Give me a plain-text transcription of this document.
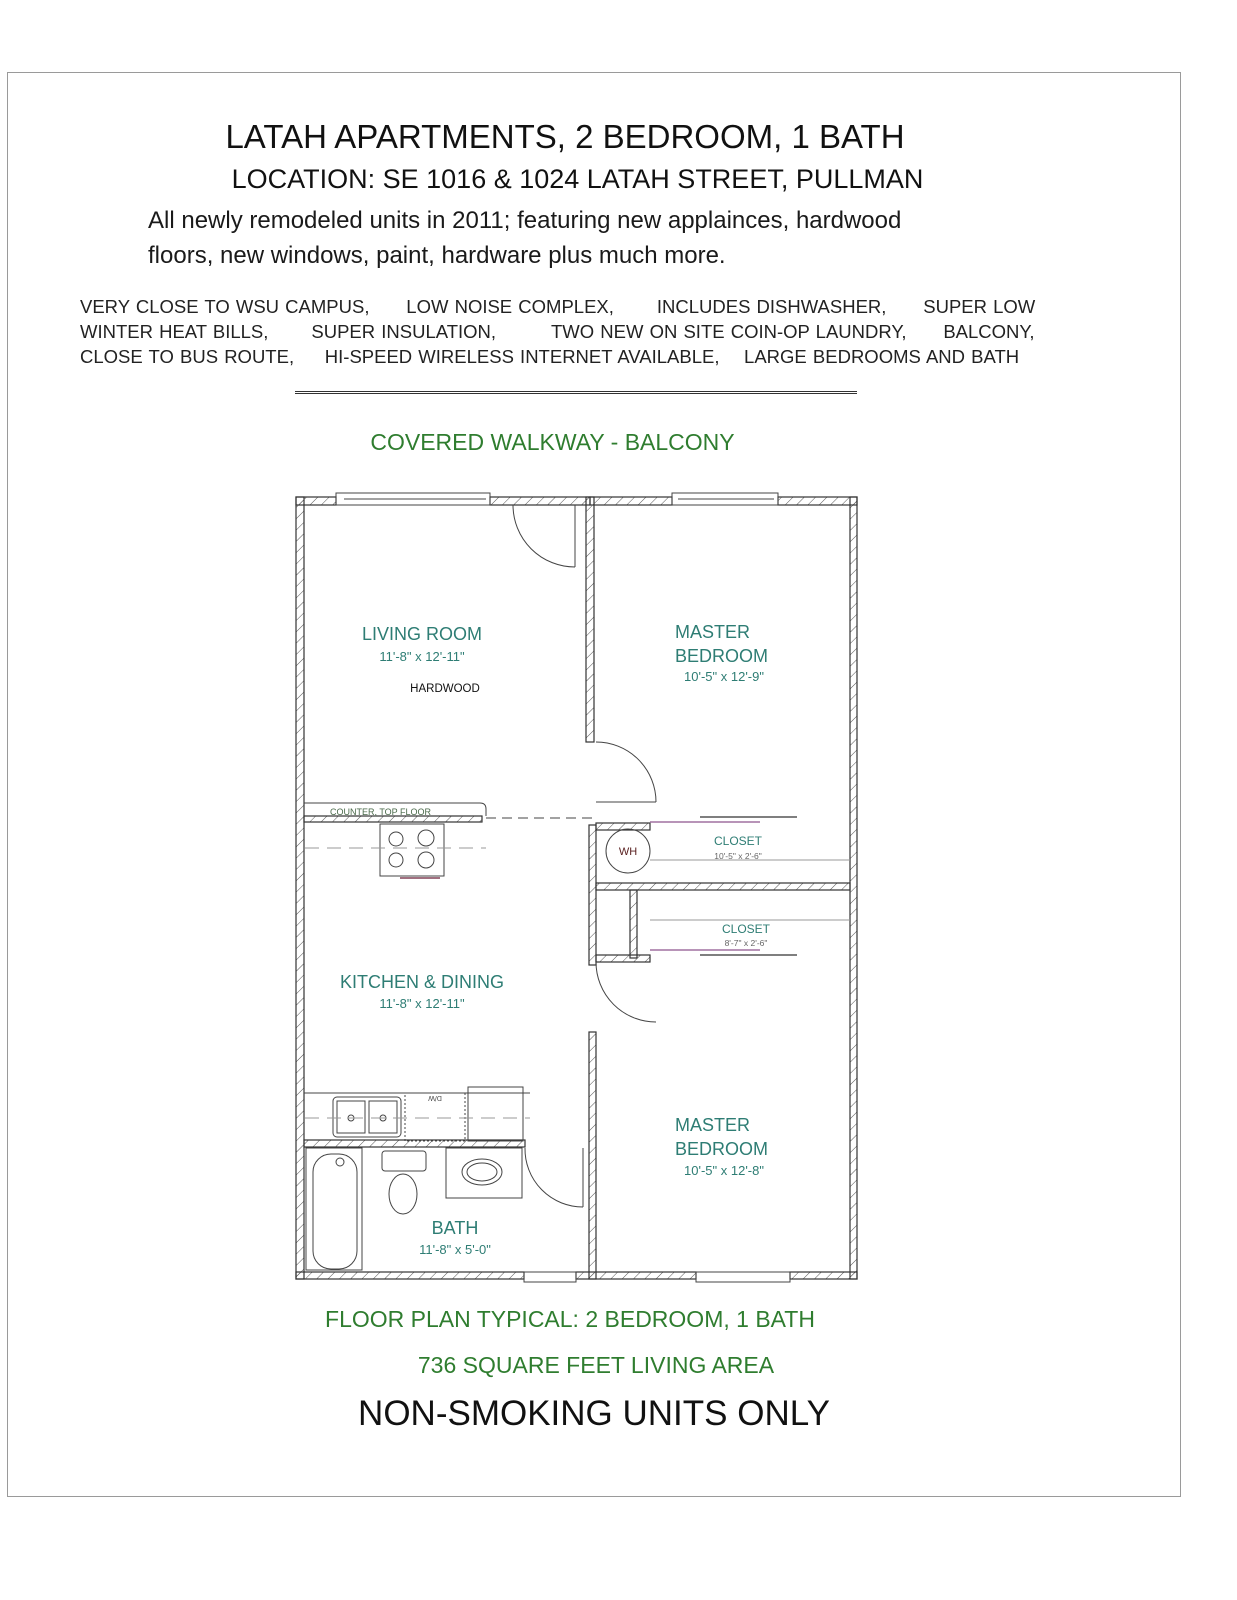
LATAH APARTMENTS, 2 BEDROOM, 1 BATH
LOCATION: SE 1016 & 1024 LATAH STREET, PULLMAN
All newly remodeled units in 2011; featuring new applainces, hardwood
floors, new windows, paint, hardware plus much more.
VERY CLOSE TO WSU CAMPUS,      LOW NOISE COMPLEX,       INCLUDES DISHWASHER,      SUPER LOW
WINTER HEAT BILLS,       SUPER INSULATION,         TWO NEW ON SITE COIN-OP LAUNDRY,      BALCONY,
CLOSE TO BUS ROUTE,     HI-SPEED WIRELESS INTERNET AVAILABLE,    LARGE BEDROOMS AND BATH
COVERED WALKWAY - BALCONY
LIVING ROOM
11'-8" x 12'-11"
HARDWOOD
MASTER
BEDROOM
10'-5" x 12'-9"
CLOSET
10'-5" x 2'-6"
CLOSET
8'-7" x 2'-6"
KITCHEN & DINING
11'-8" x 12'-11"
MASTER
BEDROOM
10'-5" x 12'-8"
BATH
11'-8" x 5'-0"
COUNTER, TOP FLOOR
WH
D/W
FLOOR PLAN TYPICAL: 2 BEDROOM, 1 BATH
736 SQUARE FEET LIVING AREA
NON-SMOKING UNITS ONLY
